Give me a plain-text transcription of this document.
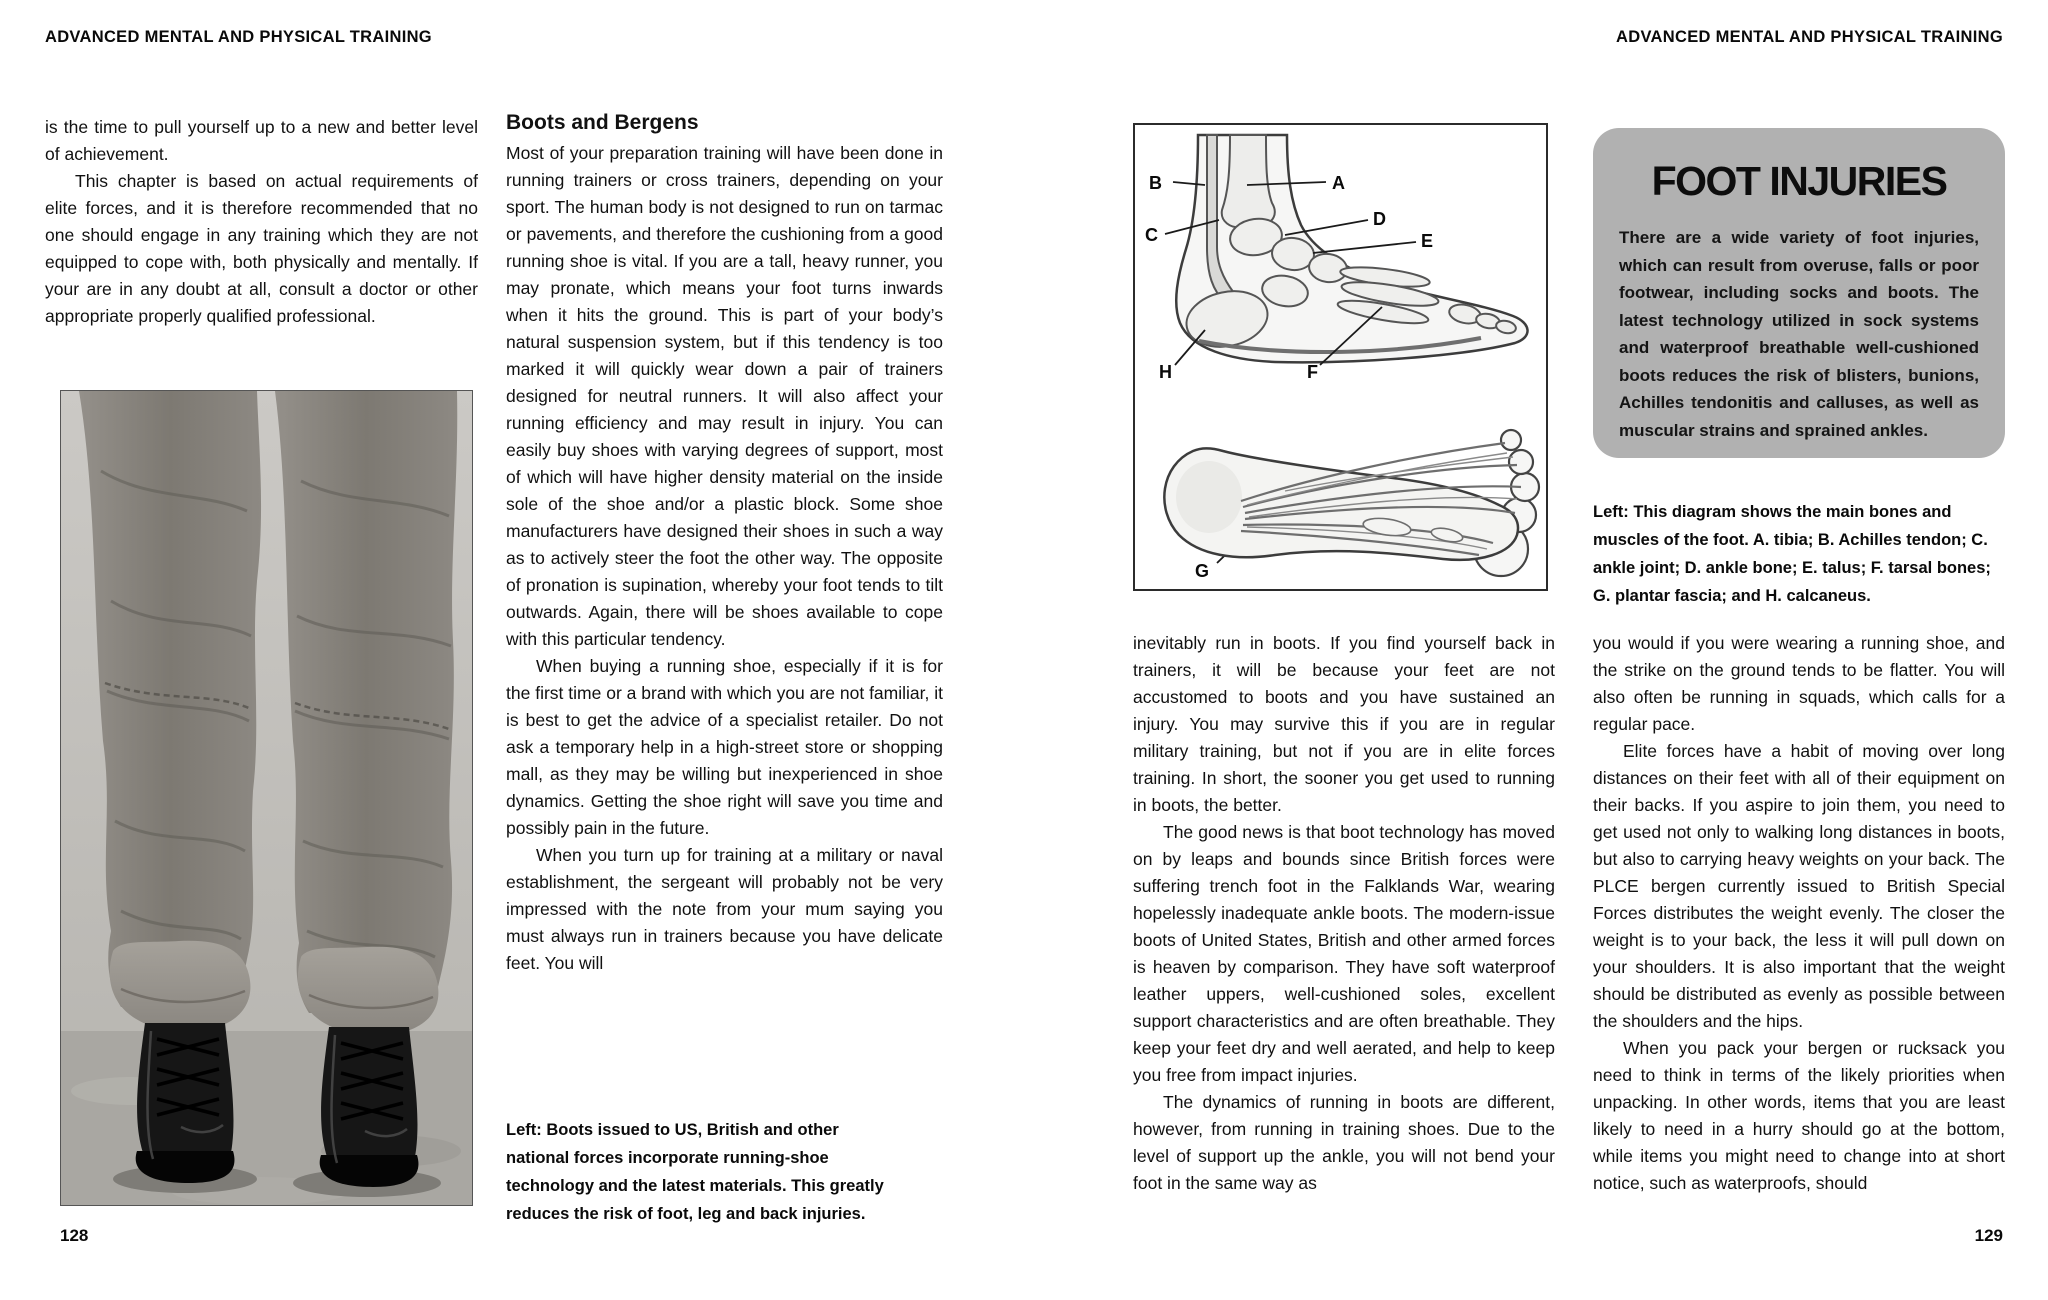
ADVANCED MENTAL AND PHYSICAL TRAINING

is the time to pull yourself up to a new and better level of achievement.

This chapter is based on actual requirements of elite forces, and it is therefore recommended that no one should engage in any training which they are not equipped to cope with, both physically and mentally. If your are in any doubt at all, consult a doctor or other appropriate properly qualified professional.

128
Boots and Bergens

Most of your preparation training will have been done in running trainers or cross trainers, depending on your sport. The human body is not designed to run on tarmac or pavements, and therefore the cushioning from a good running shoe is vital. If you are a tall, heavy runner, you may pronate, which means your foot turns inwards when it hits the ground. This is part of your body’s natural suspension system, but if this tendency is too marked it will quickly wear down a pair of trainers designed for neutral runners. It will also affect your running efficiency and may result in injury. You can easily buy shoes with varying degrees of support, most of which will have higher density material on the inside sole of the shoe and/or a plastic block. Some shoe manufacturers have designed their shoes in such a way as to actively steer the foot the other way. The opposite of pronation is supination, whereby your foot tends to tilt outwards. Again, there will be shoes available to cope with this particular tendency.

When buying a running shoe, especially if it is for the first time or a brand with which you are not familiar, it is best to get the advice of a specialist retailer. Do not ask a temporary help in a high-street store or shopping mall, as they may be willing but inexperienced in shoe dynamics. Getting the shoe right will save you time and possibly pain in the future.

When you turn up for training at a military or naval establishment, the sergeant will probably not be very impressed with the note from your mum saying you must always run in trainers because you have delicate feet. You will

Left: Boots issued to US, British and other national forces incorporate running-shoe technology and the latest materials. This greatly reduces the risk of foot, leg and back injuries.
ADVANCED MENTAL AND PHYSICAL TRAINING
B	A
C
D
E
H	F
G
FOOT INJURIES

There are a wide variety of foot injuries, which can result from overuse, falls or poor footwear, including socks and boots. The latest technology utilized in sock systems and waterproof breathable well-cushioned boots reduces the risk of blisters, bunions, Achilles tendonitis and calluses, as well as muscular strains and sprained ankles.

Left: This diagram shows the main bones and muscles of the foot. A. tibia; B. Achilles tendon; C. ankle joint; D. ankle bone; E. talus; F. tarsal bones; G. plantar fascia; and H. calcaneus.

inevitably run in boots. If you find yourself back in trainers, it will be because your feet are not accustomed to boots and you have sustained an injury. You may survive this if you are in regular military training, but not if you are in elite forces training. In short, the sooner you get used to running in boots, the better.

The good news is that boot technology has moved on by leaps and bounds since British forces were suffering trench foot in the Falklands War, wearing hopelessly inadequate ankle boots. The modern-issue boots of United States, British and other armed forces is heaven by comparison. They have soft waterproof leather uppers, well-cushioned soles, excellent support characteristics and are often breathable. They keep your feet dry and well aerated, and help to keep you free from impact injuries.

The dynamics of running in boots are different, however, from running in training shoes. Due to the level of support up the ankle, you will not bend your foot in the same way as

you would if you were wearing a running shoe, and the strike on the ground tends to be flatter. You will also often be running in squads, which calls for a regular pace.

Elite forces have a habit of moving over long distances on their feet with all of their equipment on their backs. If you aspire to join them, you need to get used not only to walking long distances in boots, but also to carrying heavy weights on your back. The PLCE bergen currently issued to British Special Forces distributes the weight evenly. The closer the weight is to your back, the less it will pull down on your shoulders. It is also important that the weight should be distributed as evenly as possible between the shoulders and the hips.

When you pack your bergen or rucksack you need to think in terms of the likely priorities when unpacking. In other words, items that you are least likely to need in a hurry should go at the bottom, while items you might need to change into at short notice, such as waterproofs, should

129
